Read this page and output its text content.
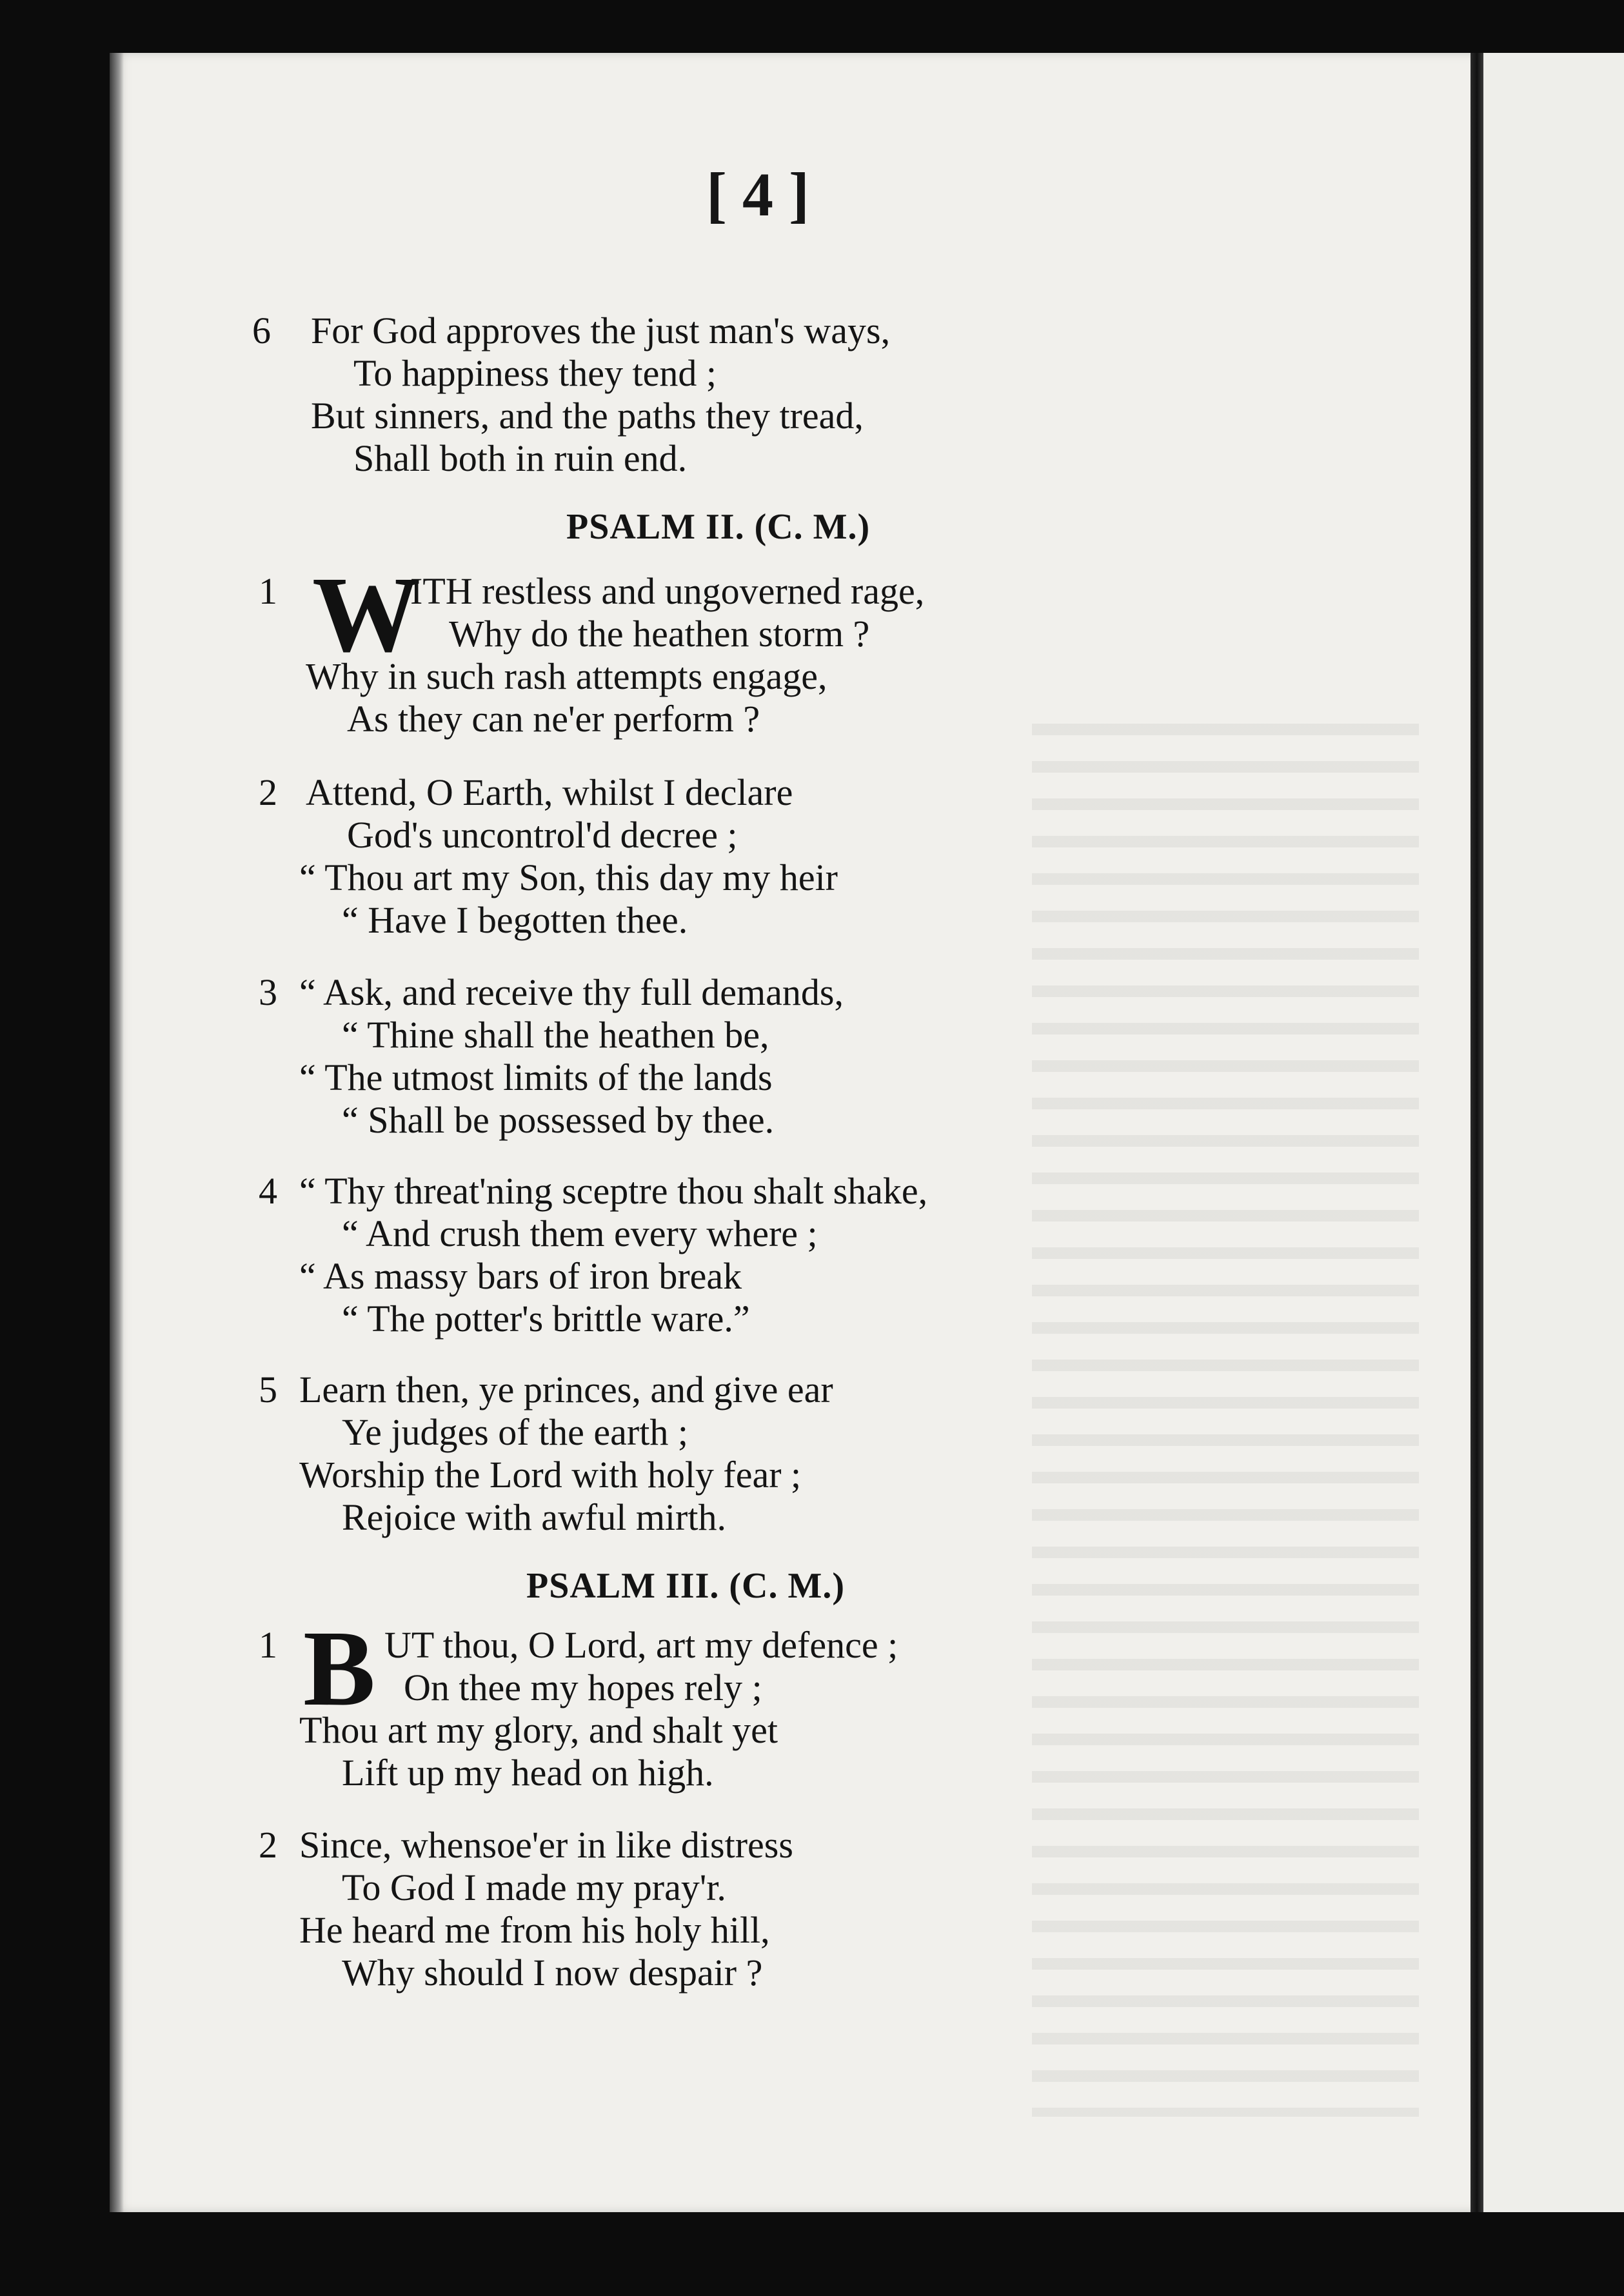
[ 4 ]
6 For God approves the just man's ways,
To happiness they tend ;
But sinners, and the paths they tread,
Shall both in ruin end.
PSALM II. (C. M.)
1 W
ITH restless and ungoverned rage,
Why do the heathen storm ?
Why in such rash attempts engage,
As they can ne'er perform ?
2 Attend, O Earth, whilst I declare
God's uncontrol'd decree ;
“ Thou art my Son, this day my heir
“ Have I begotten thee.
3 “ Ask, and receive thy full demands,
“ Thine shall the heathen be,
“ The utmost limits of the lands
“ Shall be possessed by thee.
4 “ Thy threat'ning sceptre thou shalt shake,
“ And crush them every where ;
“ As massy bars of iron break
“ The potter's brittle ware.”
5 Learn then, ye princes, and give ear
Ye judges of the earth ;
Worship the Lord with holy fear ;
Rejoice with awful mirth.
PSALM III. (C. M.)
1 B UT thou, O Lord, art my defence ;
On thee my hopes rely ;
Thou art my glory, and shalt yet
Lift up my head on high.
2 Since, whensoe'er in like distress
To God I made my pray'r.
He heard me from his holy hill,
Why should I now despair ?
